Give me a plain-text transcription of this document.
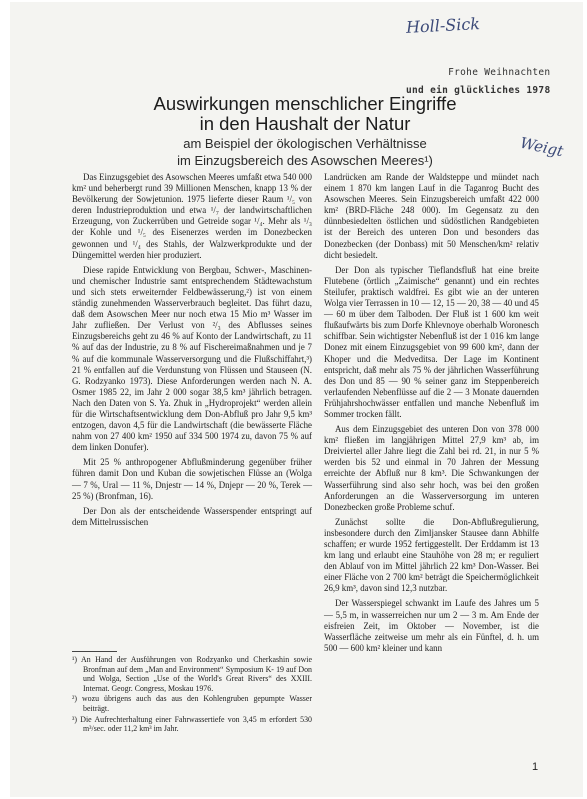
Holl-Sick
Weigt
Frohe Weihnachten
und ein glückliches 1978
Auswirkungen menschlicher Eingriffe
in den Haushalt der Natur
am Beispiel der ökologischen Verhältnisse
im Einzugsbereich des Asowschen Meeres¹)

Das Einzugsgebiet des Asowschen Meeres umfaßt etwa 540 000 km² und beherbergt rund 39 Millionen Menschen, knapp 13 % der Bevölkerung der Sowjetunion. 1975 lieferte dieser Raum ¹/₅ von deren Industrieproduktion und etwa ¹/₇ der landwirtschaftlichen Erzeugung, von Zuckerrüben und Getreide sogar ¹/₄. Mehr als ¹/₃ der Kohle und ¹/₅ des Eisenerzes werden im Donezbecken gewonnen und ¹/₄ des Stahls, der Walzwerkprodukte und der Düngemittel werden hier produziert.

Diese rapide Entwicklung von Bergbau, Schwer-, Maschinen- und chemischer Industrie samt entsprechendem Städtewachstum und sich stets erweiternder Feldbewässerung,²) ist von einem ständig zunehmenden Wasserverbrauch begleitet. Das führt dazu, daß dem Asowschen Meer nur noch etwa 15 Mio m³ Wasser im Jahr zufließen. Der Verlust von ²/₃ des Abflusses seines Einzugsbereichs geht zu 46 % auf Konto der Landwirtschaft, zu 11 % auf das der Industrie, zu 8 % auf Fischereimaßnahmen und je 7 % auf die kommunale Wasserversorgung und die Flußschiffahrt,³) 21 % entfallen auf die Verdunstung von Flüssen und Stauseen (N. G. Rodzyanko 1973). Diese Anforderungen werden nach N. A. Osmer 1985 22, im Jahr 2 000 sogar 38,5 km³ jährlich betragen. Nach den Daten von S. Ya. Zhuk in „Hydroprojekt“ werden allein für die Wirtschaftsentwicklung dem Don-Abfluß pro Jahr 9,5 km³ entzogen, davon 4,5 für die Landwirtschaft (die bewässerte Fläche nahm von 27 400 km² 1950 auf 334 500 1974 zu, davon 75 % auf dem linken Donufer).

Mit 25 % anthropogener Abflußminderung gegenüber früher führen damit Don und Kuban die sowjetischen Flüsse an (Wolga — 7 %, Ural — 11 %, Dnjestr — 14 %, Dnjepr — 20 %, Terek — 25 %) (Bronfman, 16).

Der Don als der entscheidende Wasserspender entspringt auf dem Mittelrussischen

Landrücken am Rande der Waldsteppe und mündet nach einem 1 870 km langen Lauf in die Taganrog Bucht des Asowschen Meeres. Sein Einzugsbereich umfaßt 422 000 km² (BRD-Fläche 248 000). Im Gegensatz zu den dünnbesiedelten östlichen und südöstlichen Randgebieten ist der Bereich des unteren Don und besonders das Donezbecken (der Donbass) mit 50 Menschen/km² relativ dicht besiedelt.

Der Don als typischer Tieflandsfluß hat eine breite Flutebene (örtlich „Zaimische“ genannt) und ein rechtes Steilufer, praktisch waldfrei. Es gibt wie an der unteren Wolga vier Terrassen in 10 — 12, 15 — 20, 38 — 40 und 45 — 60 m über dem Talboden. Der Fluß ist 1 600 km weit flußaufwärts bis zum Dorfe Khlevnoye oberhalb Woronesch schiffbar. Sein wichtigster Nebenfluß ist der 1 016 km lange Donez mit einem Einzugsgebiet von 99 600 km², dann der Khoper und die Medveditsa. Der Lage im Kontinent entspricht, daß mehr als 75 % der jährlichen Wasserführung des Don und 85 — 90 % seiner ganz im Steppenbereich verlaufenden Nebenflüsse auf die 2 — 3 Monate dauernden Frühjahrshochwässer entfallen und manche Nebenfluß im Sommer trocken fällt.

Aus dem Einzugsgebiet des unteren Don von 378 000 km² fließen im langjährigen Mittel 27,9 km³ ab, im Dreiviertel aller Jahre liegt die Zahl bei rd. 21, in nur 5 % werden bis 52 und einmal in 70 Jahren der Messung erreichte der Abfluß nur 8 km³. Die Schwankungen der Wasserführung sind also sehr hoch, was bei den großen Anforderungen an die Wasserversorgung im unteren Donezbecken große Probleme schuf.

Zunächst sollte die Don-Abflußregulierung, insbesondere durch den Zimljansker Stausee dann Abhilfe schaffen; er wurde 1952 fertiggestellt. Der Erddamm ist 13 km lang und erlaubt eine Stauhöhe von 28 m; er reguliert den Ablauf von im Mittel jährlich 22 km³ Don-Wasser. Bei einer Fläche von 2 700 km² beträgt die Speichermöglichkeit 26,9 km³, davon sind 12,3 nutzbar.

Der Wasserspiegel schwankt im Laufe des Jahres um 5 — 5,5 m, in wasserreichen nur um 2 — 3 m. Am Ende der eisfreien Zeit, im Oktober — November, ist die Wasserfläche zeitweise um mehr als ein Fünftel, d. h. um 500 — 600 km² kleiner und kann

¹) An Hand der Ausführungen von Rodzyanko und Cherkashin sowie Bronfman auf dem „Man and Environment“ Symposium K- 19 auf Don und Wolga, Section „Use of the World's Great Rivers“ des XXIII. Internat. Geogr. Congress, Moskau 1976.
²) wozu übrigens auch das aus den Kohlengruben gepumpte Wasser beiträgt.
³) Die Aufrechterhaltung einer Fahrwassertiefe von 3,45 m erfordert 530 m³/sec. oder 11,2 km³ im Jahr.
1
